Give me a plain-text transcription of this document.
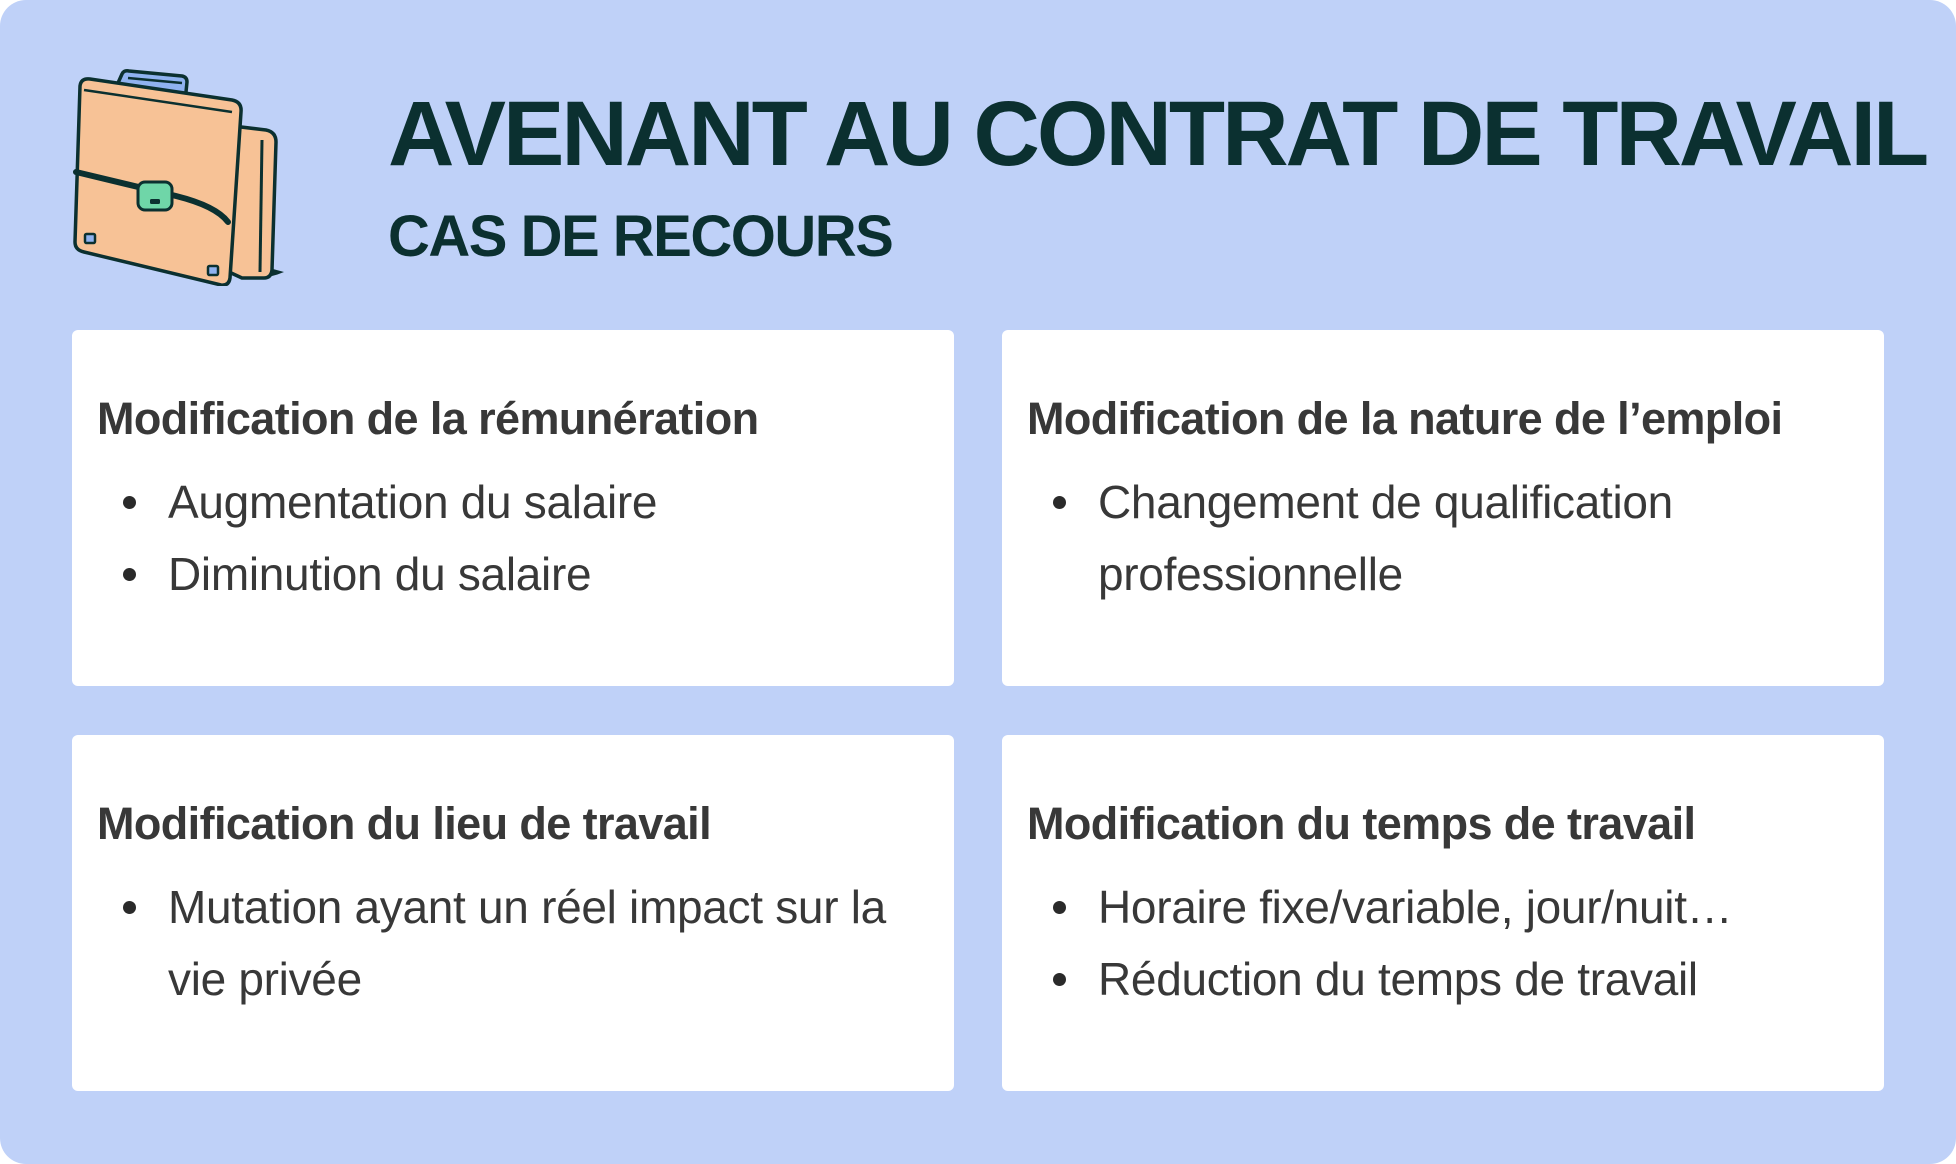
AVENANT AU CONTRAT DE TRAVAIL
CAS DE RECOURS
Modification de la rémunération
Augmentation du salaire
Diminution du salaire
Modification de la nature de l’emploi
Changement de qualification professionnelle
Modification du lieu de travail
Mutation ayant un réel impact sur la vie privée
Modification du temps de travail
Horaire fixe/variable, jour/nuit…
Réduction du temps de travail
